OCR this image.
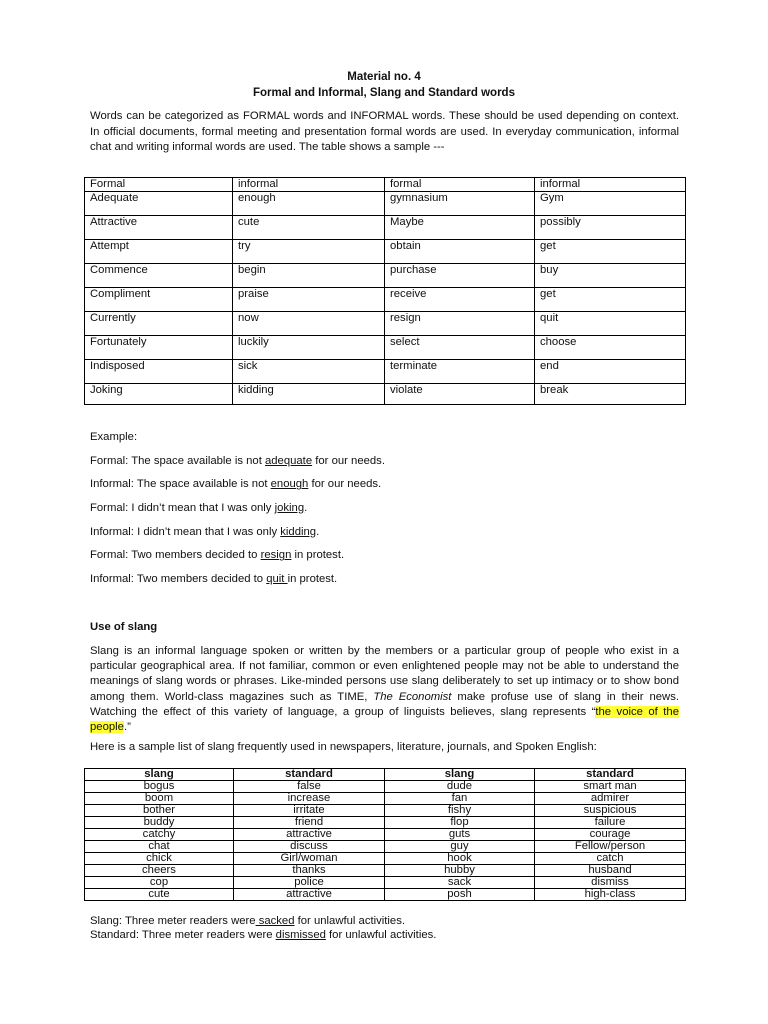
Material no. 4
Formal and Informal, Slang and Standard words
Words can be categorized as FORMAL words and INFORMAL words. These should be used depending on context. In official documents, formal meeting and presentation formal words are used. In everyday communication, informal chat and writing informal words are used. The table shows a sample ---
Formal	informal	formal	informal
Adequate	enough	gymnasium	Gym
Attractive	cute	Maybe	possibly
Attempt	try	obtain	get
Commence	begin	purchase	buy
Compliment	praise	receive	get
Currently	now	resign	quit
Fortunately	luckily	select	choose
Indisposed	sick	terminate	end
Joking	kidding	violate	break

Example:

Formal: The space available is not adequate for our needs.

Informal: The space available is not enough for our needs.

Formal: I didn’t mean that I was only joking.

Informal: I didn’t mean that I was only kidding.

Formal: Two members decided to resign in protest.

Informal: Two members decided to quit in protest.

Use of slang
Slang is an informal language spoken or written by the members or a particular group of people who exist in a particular geographical area. If not familiar, common or even enlightened people may not be able to understand the meanings of slang words or phrases. Like-minded persons use slang deliberately to set up intimacy or to show bond among them. World-class magazines such as TIME, The Economist make profuse use of slang in their news. Watching the effect of this variety of language, a group of linguists believes, slang represents “the voice of the people.”
Here is a sample list of slang frequently used in newspapers, literature, journals, and Spoken English:
slang	standard	slang	standard
bogus	false	dude	smart man
boom	increase	fan	admirer
bother	irritate	fishy	suspicious
buddy	friend	flop	failure
catchy	attractive	guts	courage
chat	discuss	guy	Fellow/person
chick	Girl/woman	hook	catch
cheers	thanks	hubby	husband
cop	police	sack	dismiss
cute	attractive	posh	high-class

Slang: Three meter readers were sacked for unlawful activities.

Standard: Three meter readers were dismissed for unlawful activities.
